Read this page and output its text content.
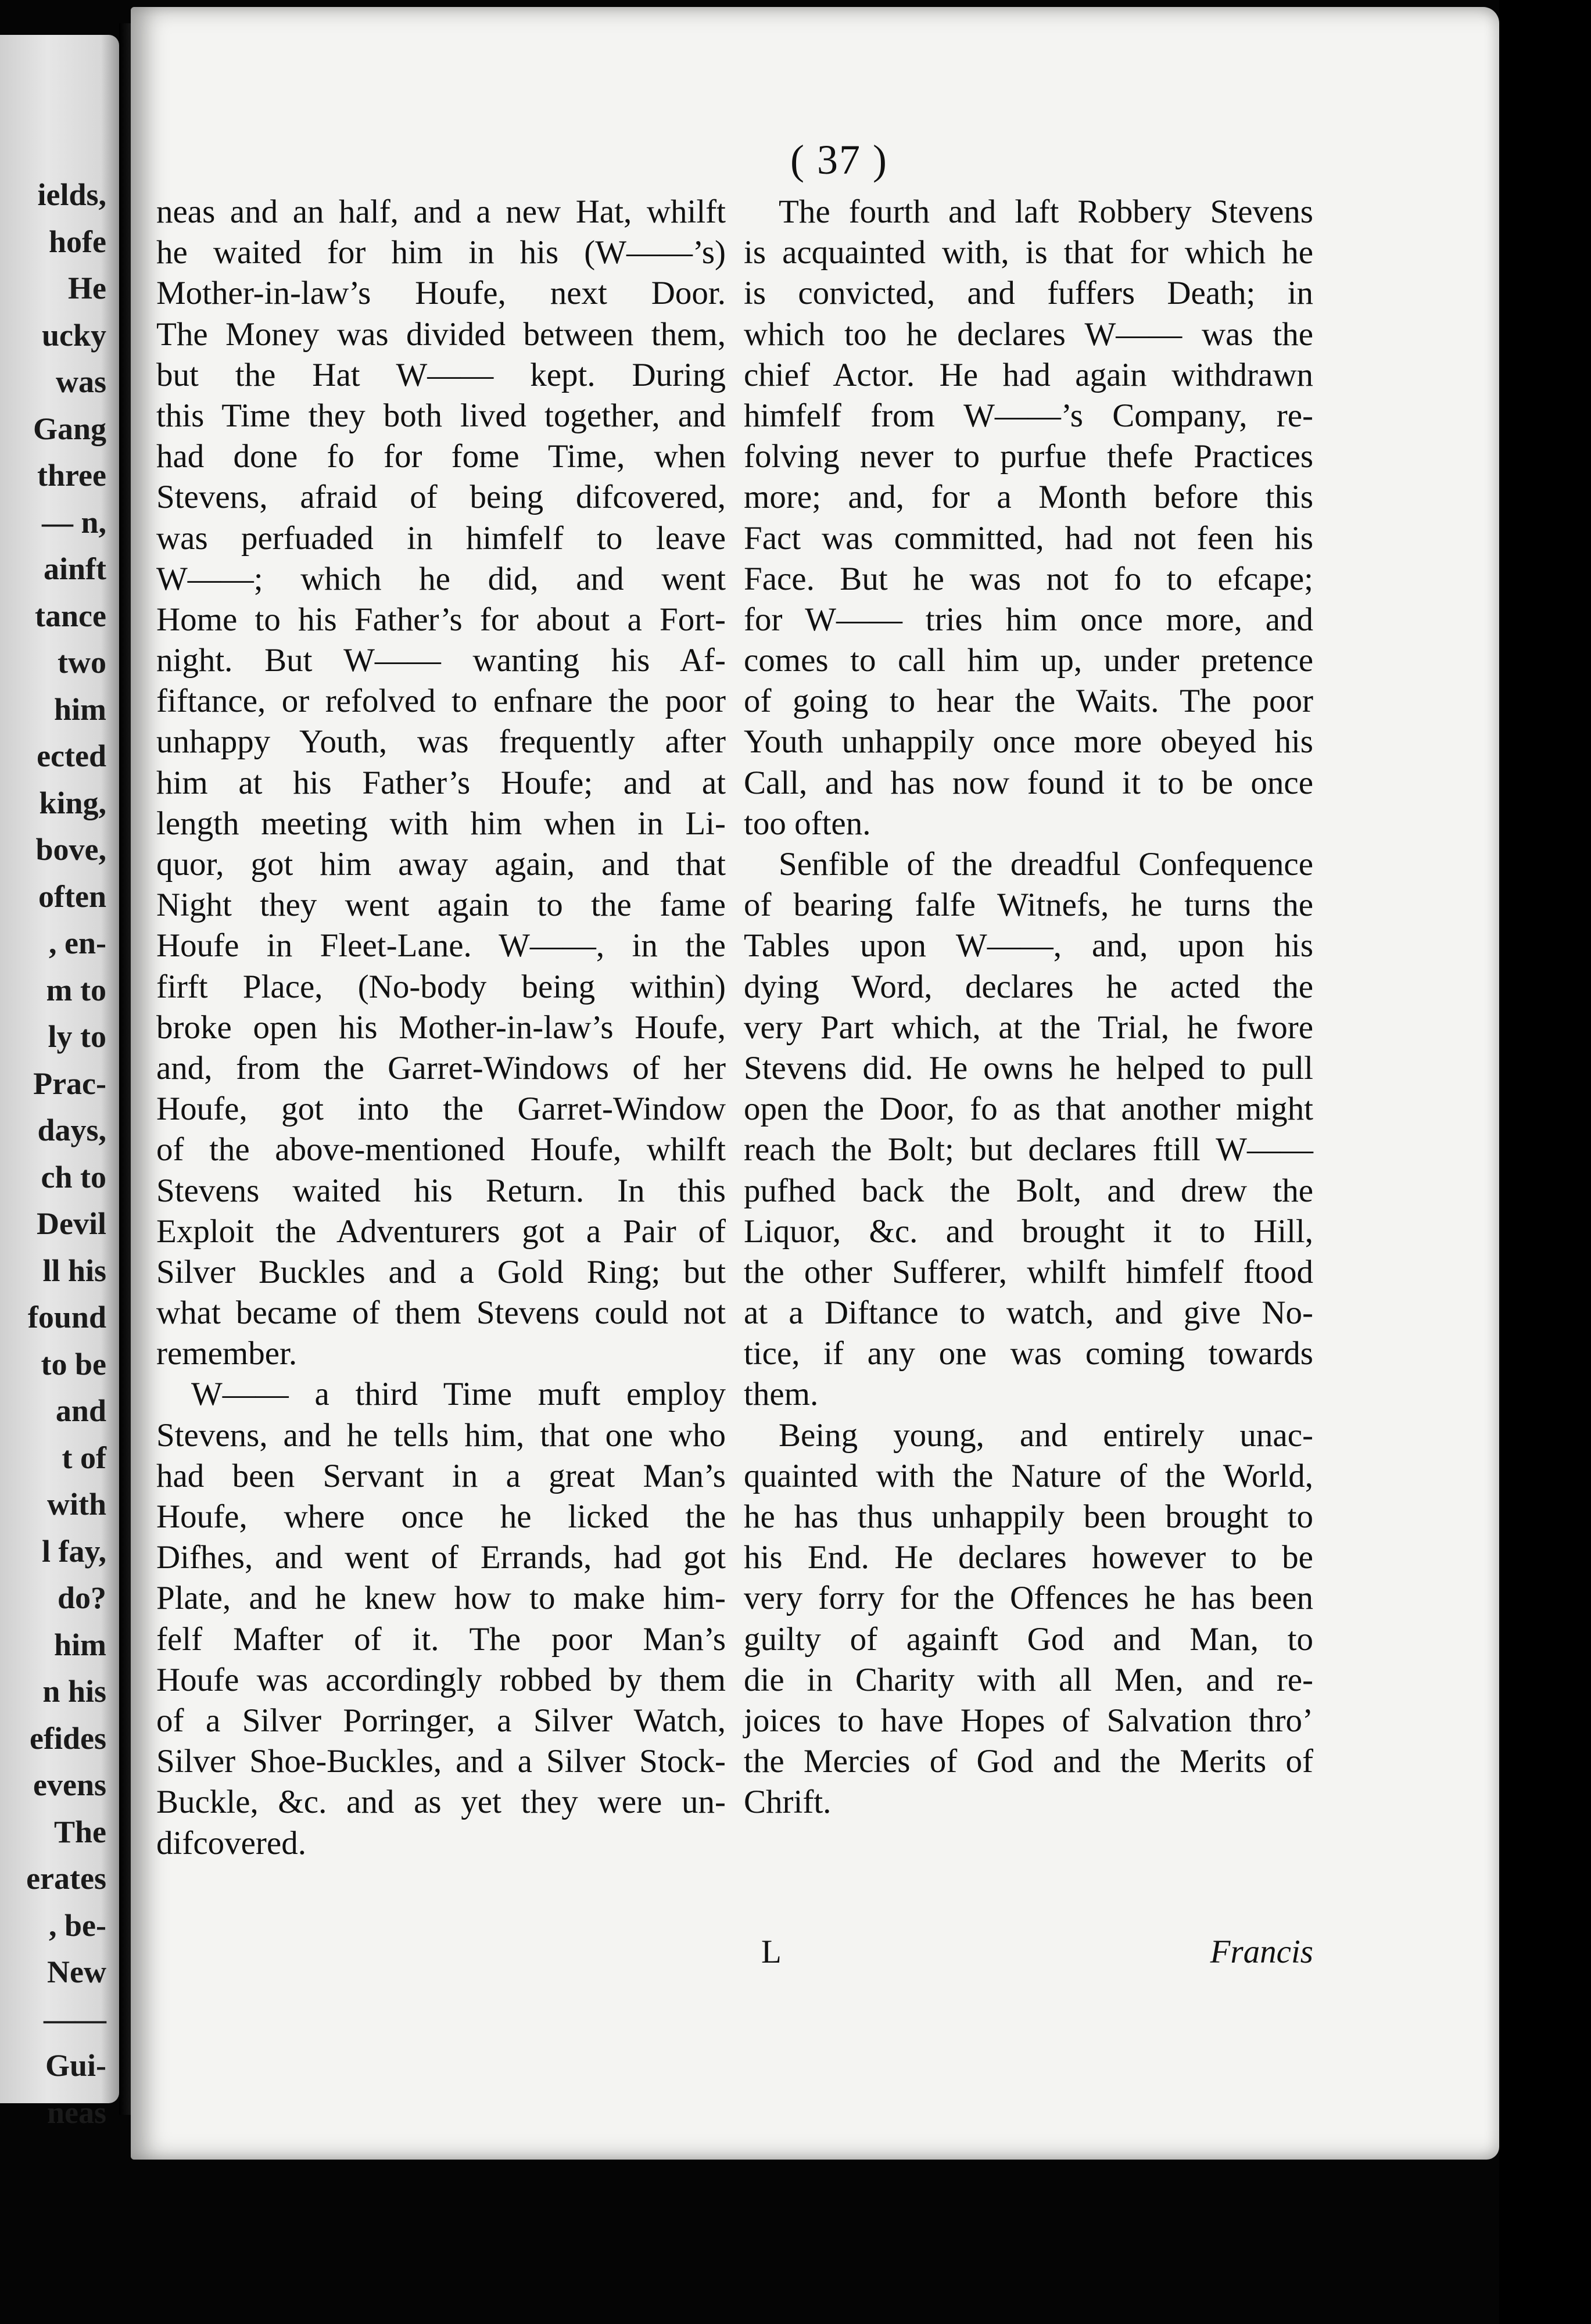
ields,
hofe
He
ucky
was
Gang
three
— n,
ainft
tance
two
him
ected
king,
bove,
often
, en-
m to
ly to
Prac-
days,
ch to
Devil
ll his
found
to be
and
t of
with
l fay,
do?
him
n his
efides
evens
The
erates
, be-
New
——
Gui-
neas
( 37 )
neas and an half, and a new Hat, whilft
he waited for him in his (W——’s)
Mother-in-law’s Houfe, next Door.
The Money was divided between them,
but the Hat W—— kept. During
this Time they both lived together, and
had done fo for fome Time, when
Stevens, afraid of being difcovered,
was perfuaded in himfelf to leave
W——; which he did, and went
Home to his Father’s for about a Fort-
night. But W—— wanting his Af-
fiftance, or refolved to enfnare the poor
unhappy Youth, was frequently after
him at his Father’s Houfe; and at
length meeting with him when in Li-
quor, got him away again, and that
Night they went again to the fame
Houfe in Fleet-Lane. W——, in the
firft Place, (No-body being within)
broke open his Mother-in-law’s Houfe,
and, from the Garret-Windows of her
Houfe, got into the Garret-Window
of the above-mentioned Houfe, whilft
Stevens waited his Return. In this
Exploit the Adventurers got a Pair of
Silver Buckles and a Gold Ring; but
what became of them Stevens could not
remember.
W—— a third Time muft employ
Stevens, and he tells him, that one who
had been Servant in a great Man’s
Houfe, where once he licked the
Difhes, and went of Errands, had got
Plate, and he knew how to make him-
felf Mafter of it. The poor Man’s
Houfe was accordingly robbed by them
of a Silver Porringer, a Silver Watch,
Silver Shoe-Buckles, and a Silver Stock-
Buckle, &c. and as yet they were un-
difcovered.
The fourth and laft Robbery Stevens
is acquainted with, is that for which he
is convicted, and fuffers Death; in
which too he declares W—— was the
chief Actor. He had again withdrawn
himfelf from W——’s Company, re-
folving never to purfue thefe Practices
more; and, for a Month before this
Fact was committed, had not feen his
Face. But he was not fo to efcape;
for W—— tries him once more, and
comes to call him up, under pretence
of going to hear the Waits. The poor
Youth unhappily once more obeyed his
Call, and has now found it to be once
too often.
Senfible of the dreadful Confequence
of bearing falfe Witnefs, he turns the
Tables upon W——, and, upon his
dying Word, declares he acted the
very Part which, at the Trial, he fwore
Stevens did. He owns he helped to pull
open the Door, fo as that another might
reach the Bolt; but declares ftill W——
pufhed back the Bolt, and drew the
Liquor, &c. and brought it to Hill,
the other Sufferer, whilft himfelf ftood
at a Diftance to watch, and give No-
tice, if any one was coming towards
them.
Being young, and entirely unac-
quainted with the Nature of the World,
he has thus unhappily been brought to
his End. He declares however to be
very forry for the Offences he has been
guilty of againft God and Man, to
die in Charity with all Men, and re-
joices to have Hopes of Salvation thro’
the Mercies of God and the Merits of
Chrift.
L	Francis
